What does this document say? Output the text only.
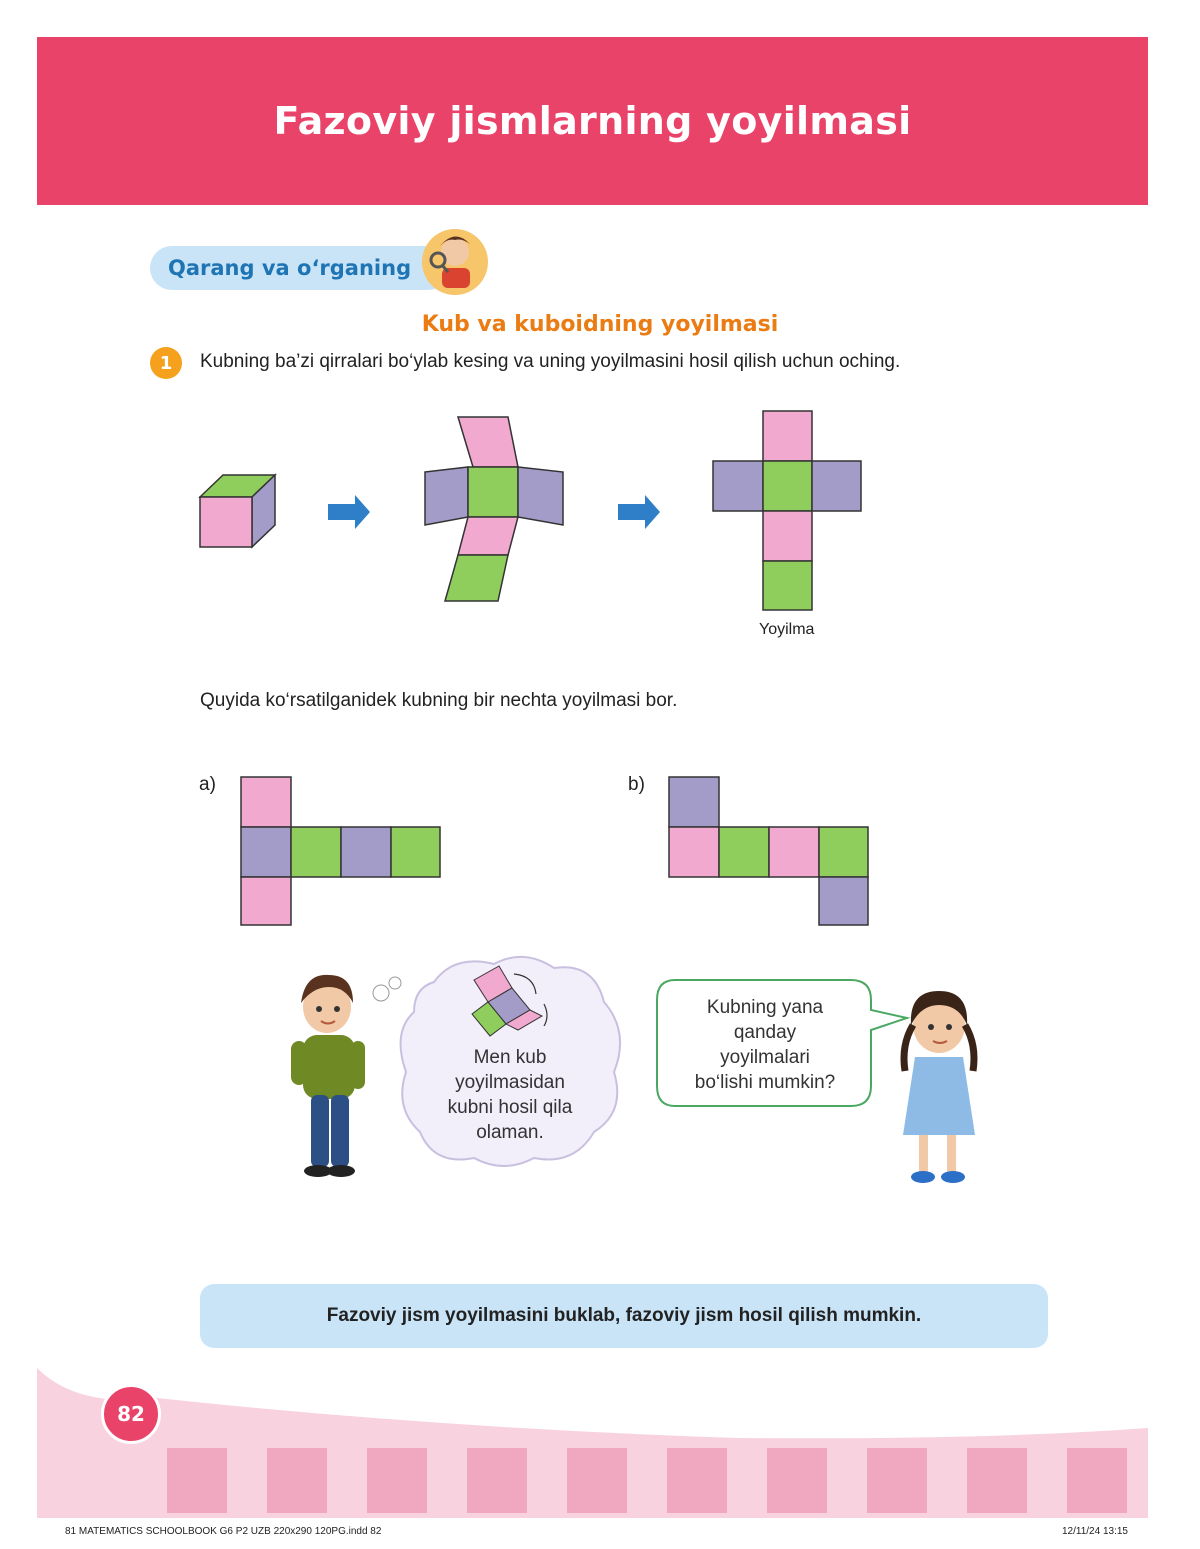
Fazoviy jismlarning yoyilmasi
Qarang va o‘rganing
Kub va kuboidning yoyilmasi
1	Kubning ba’zi qirralari bo‘ylab kesing va uning yoyilmasini hosil qilish uchun oching.
Yoyilma
Quyida ko‘rsatilganidek kubning bir nechta yoyilmasi bor.
a)	b)
Men kub
yoyilmasidan
kubni hosil qila
olaman.
Kubning yana
qanday
yoyilmalari
bo‘lishi mumkin?
Fazoviy jism yoyilmasini buklab, fazoviy jism hosil qilish mumkin.
82
81 MATEMATICS SCHOOLBOOK G6 P2 UZB 220x290 120PG.indd 82	12/11/24 13:15
